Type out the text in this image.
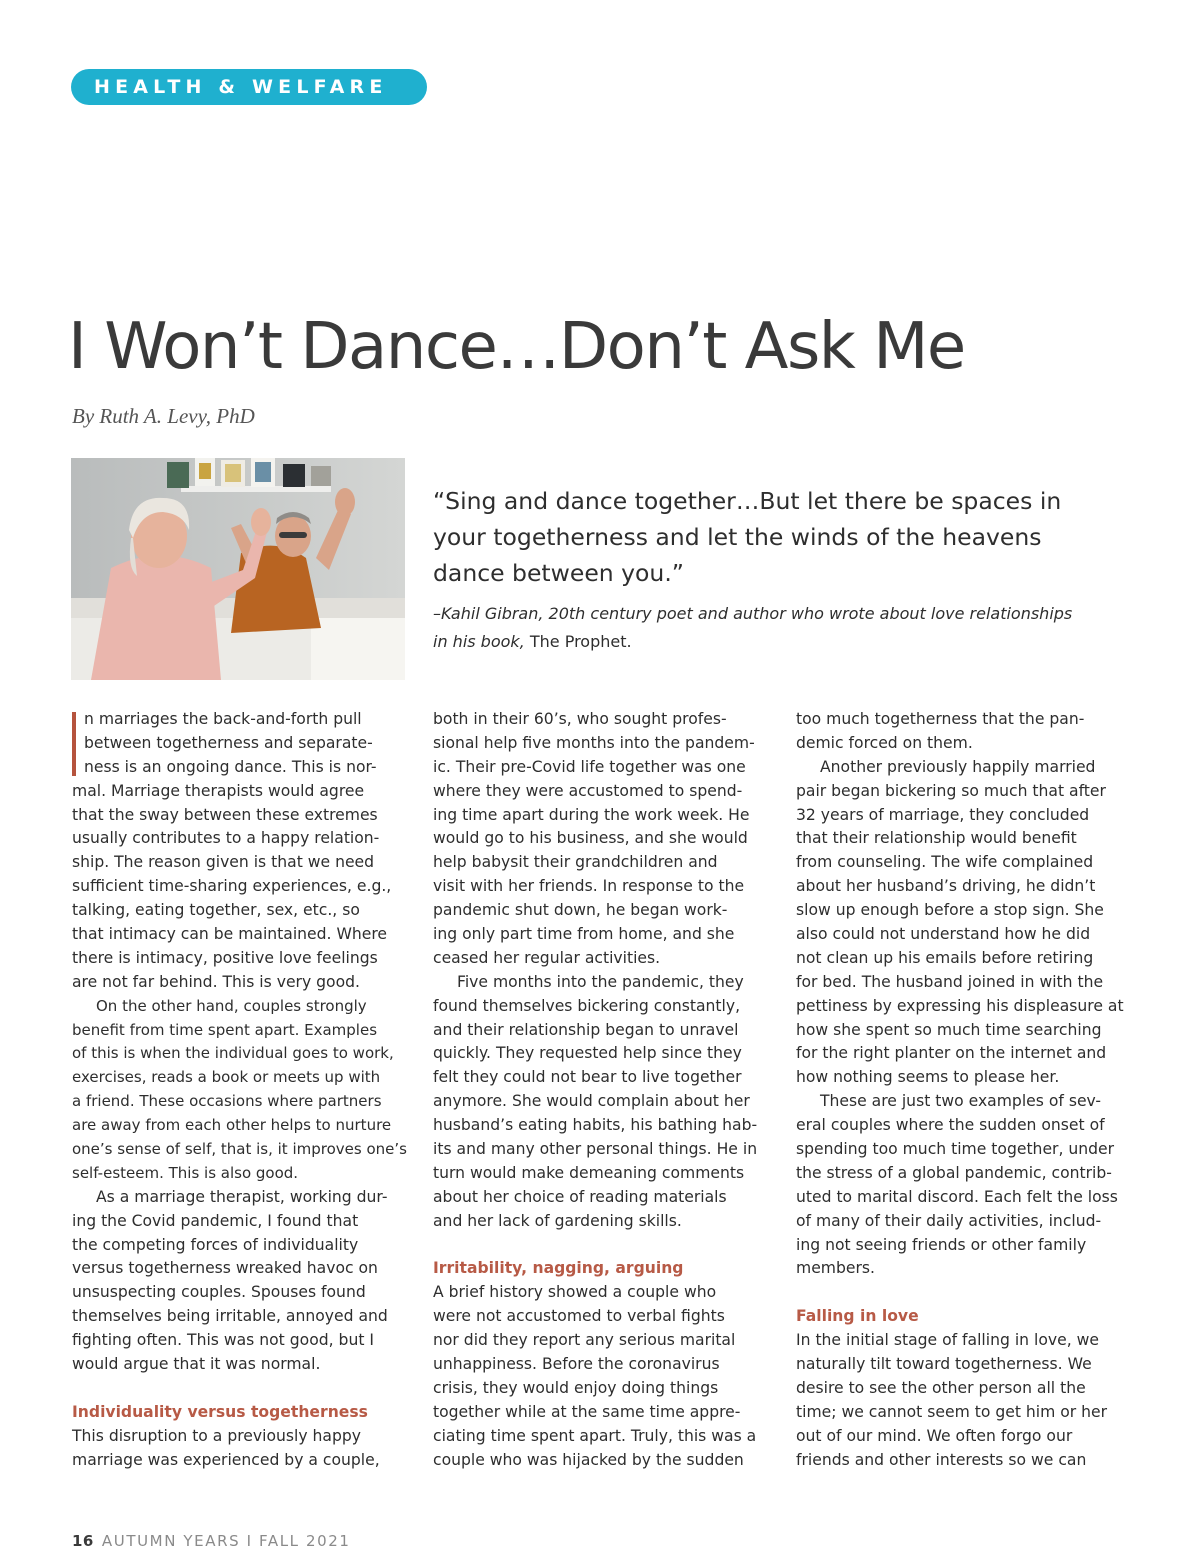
HEALTH & WELFARE
I Won’t Dance…Don’t Ask Me
By Ruth A. Levy, PhD

“Sing and dance together…But let there be spaces in your togetherness and let the winds of the heavens dance between you.”

–Kahil Gibran, 20th century poet and author who wrote about love relationships in his book, The Prophet.

n marriages the back-and-forth pull
between togetherness and separate-
ness is an ongoing dance. This is nor-
mal. Marriage therapists would agree
that the sway between these extremes
usually contributes to a happy relation-
ship. The reason given is that we need
sufficient time-sharing experiences, e.g.,
talking, eating together, sex, etc., so
that intimacy can be maintained. Where
there is intimacy, positive love feelings
are not far behind. This is very good.
On the other hand, couples strongly
benefit from time spent apart. Examples
of this is when the individual goes to work,
exercises, reads a book or meets up with
a friend. These occasions where partners
are away from each other helps to nurture
one’s sense of self, that is, it improves one’s
self-esteem. This is also good.
As a marriage therapist, working dur-
ing the Covid pandemic, I found that
the competing forces of individuality
versus togetherness wreaked havoc on
unsuspecting couples. Spouses found
themselves being irritable, annoyed and
fighting often. This was not good, but I
would argue that it was normal.
Individuality versus togetherness
This disruption to a previously happy
marriage was experienced by a couple,
both in their 60’s, who sought profes-
sional help five months into the pandem-
ic. Their pre-Covid life together was one
where they were accustomed to spend-
ing time apart during the work week. He
would go to his business, and she would
help babysit their grandchildren and
visit with her friends. In response to the
pandemic shut down, he began work-
ing only part time from home, and she
ceased her regular activities.
Five months into the pandemic, they
found themselves bickering constantly,
and their relationship began to unravel
quickly. They requested help since they
felt they could not bear to live together
anymore. She would complain about her
husband’s eating habits, his bathing hab-
its and many other personal things. He in
turn would make demeaning comments
about her choice of reading materials
and her lack of gardening skills.
Irritability, nagging, arguing
A brief history showed a couple who
were not accustomed to verbal fights
nor did they report any serious marital
unhappiness. Before the coronavirus
crisis, they would enjoy doing things
together while at the same time appre-
ciating time spent apart. Truly, this was a
couple who was hijacked by the sudden
too much togetherness that the pan-
demic forced on them.
Another previously happily married
pair began bickering so much that after
32 years of marriage, they concluded
that their relationship would benefit
from counseling. The wife complained
about her husband’s driving, he didn’t
slow up enough before a stop sign. She
also could not understand how he did
not clean up his emails before retiring
for bed. The husband joined in with the
pettiness by expressing his displeasure at
how she spent so much time searching
for the right planter on the internet and
how nothing seems to please her.
These are just two examples of sev-
eral couples where the sudden onset of
spending too much time together, under
the stress of a global pandemic, contrib-
uted to marital discord. Each felt the loss
of many of their daily activities, includ-
ing not seeing friends or other family
members.
Falling in love
In the initial stage of falling in love, we
naturally tilt toward togetherness. We
desire to see the other person all the
time; we cannot seem to get him or her
out of our mind. We often forgo our
friends and other interests so we can
16 AUTUMN YEARS I FALL 2021
